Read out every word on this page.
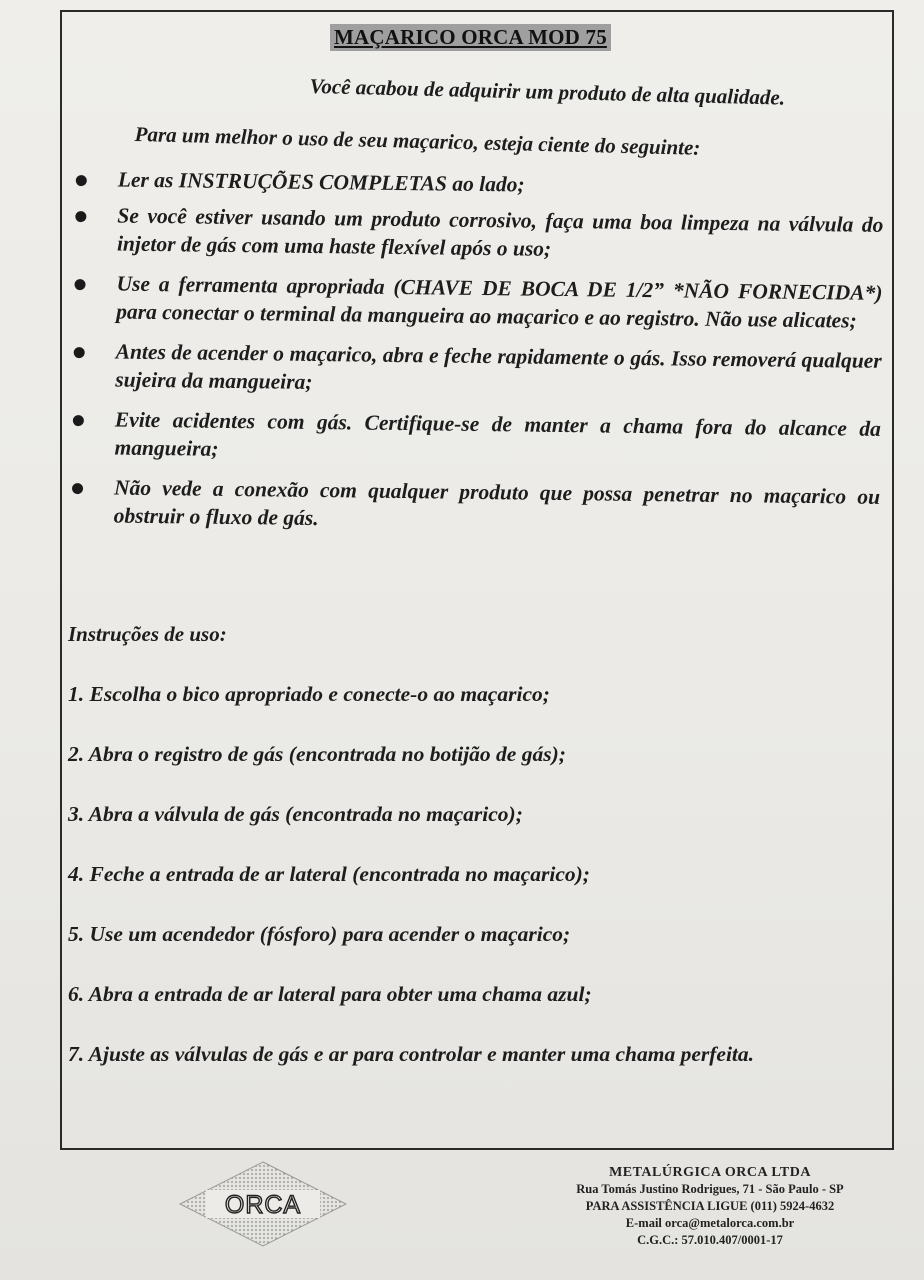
MAÇARICO ORCA MOD 75
Você acabou de adquirir um produto de alta qualidade.
Para um melhor o uso de seu maçarico, esteja ciente do seguinte:
Ler as INSTRUÇÕES COMPLETAS ao lado;
Se você estiver usando um produto corrosivo, faça uma boa limpeza na válvula do injetor de gás com uma haste flexível após o uso;
Use a ferramenta apropriada (CHAVE DE BOCA DE 1/2” *NÃO FORNECIDA*) para conectar o terminal da mangueira ao maçarico e ao registro. Não use alicates;
Antes de acender o maçarico, abra e feche rapidamente o gás. Isso removerá qualquer sujeira da mangueira;
Evite acidentes com gás. Certifique-se de manter a chama fora do alcance da mangueira;
Não vede a conexão com qualquer produto que possa penetrar no maçarico ou obstruir o fluxo de gás.
Instruções de uso:
1. Escolha o bico apropriado e conecte-o ao maçarico;
2. Abra o registro de gás (encontrada no botijão de gás);
3. Abra a válvula de gás (encontrada no maçarico);
4. Feche a entrada de ar lateral (encontrada no maçarico);
5. Use um acendedor (fósforo) para acender o maçarico;
6. Abra a entrada de ar lateral para obter uma chama azul;
7. Ajuste as válvulas de gás e ar para controlar e manter uma chama perfeita.
ORCA
METALÚRGICA ORCA LTDA
Rua Tomás Justino Rodrigues, 71 - São Paulo - SP
PARA ASSISTÊNCIA LIGUE (011) 5924-4632
E-mail orca@metalorca.com.br
C.G.C.: 57.010.407/0001-17
